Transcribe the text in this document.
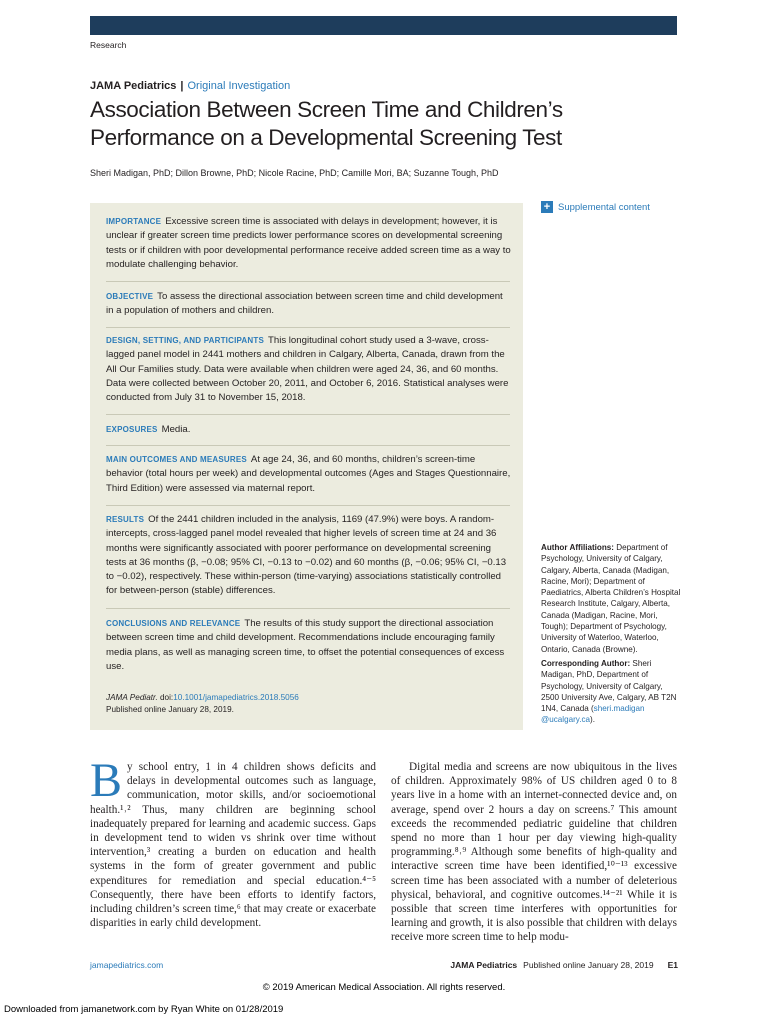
Research
JAMA Pediatrics | Original Investigation
Association Between Screen Time and Children’s Performance on a Developmental Screening Test
Sheri Madigan, PhD; Dillon Browne, PhD; Nicole Racine, PhD; Camille Mori, BA; Suzanne Tough, PhD
IMPORTANCE Excessive screen time is associated with delays in development; however, it is unclear if greater screen time predicts lower performance scores on developmental screening tests or if children with poor developmental performance receive added screen time as a way to modulate challenging behavior.
OBJECTIVE To assess the directional association between screen time and child development in a population of mothers and children.
DESIGN, SETTING, AND PARTICIPANTS This longitudinal cohort study used a 3-wave, cross-lagged panel model in 2441 mothers and children in Calgary, Alberta, Canada, drawn from the All Our Families study. Data were available when children were aged 24, 36, and 60 months. Data were collected between October 20, 2011, and October 6, 2016. Statistical analyses were conducted from July 31 to November 15, 2018.
EXPOSURES Media.
MAIN OUTCOMES AND MEASURES At age 24, 36, and 60 months, children’s screen-time behavior (total hours per week) and developmental outcomes (Ages and Stages Questionnaire, Third Edition) were assessed via maternal report.
RESULTS Of the 2441 children included in the analysis, 1169 (47.9%) were boys. A random-intercepts, cross-lagged panel model revealed that higher levels of screen time at 24 and 36 months were significantly associated with poorer performance on developmental screening tests at 36 months (β, −0.08; 95% CI, −0.13 to −0.02) and 60 months (β, −0.06; 95% CI, −0.13 to −0.02), respectively. These within-person (time-varying) associations statistically controlled for between-person (stable) differences.
CONCLUSIONS AND RELEVANCE The results of this study support the directional association between screen time and child development. Recommendations include encouraging family media plans, as well as managing screen time, to offset the potential consequences of excess use.
JAMA Pediatr. doi:10.1001/jamapediatrics.2018.5056
Published online January 28, 2019.
+ Supplemental content
Author Affiliations: Department of Psychology, University of Calgary, Calgary, Alberta, Canada (Madigan, Racine, Mori); Department of Paediatrics, Alberta Children’s Hospital Research Institute, Calgary, Alberta, Canada (Madigan, Racine, Mori, Tough); Department of Psychology, University of Waterloo, Waterloo, Ontario, Canada (Browne).
Corresponding Author: Sheri Madigan, PhD, Department of Psychology, University of Calgary, 2500 University Ave, Calgary, AB T2N 1N4, Canada (sheri.madigan @ucalgary.ca).
By school entry, 1 in 4 children shows deficits and delays in developmental outcomes such as language, communication, motor skills, and/or socioemotional health.¹˒² Thus, many children are beginning school inadequately prepared for learning and academic success. Gaps in development tend to widen vs shrink over time without intervention,³ creating a burden on education and health systems in the form of greater government and public expenditures for remediation and special education.⁴⁻⁵ Consequently, there have been efforts to identify factors, including children’s screen time,⁶ that may create or exacerbate disparities in early child development.
Digital media and screens are now ubiquitous in the lives of children. Approximately 98% of US children aged 0 to 8 years live in a home with an internet-connected device and, on average, spend over 2 hours a day on screens.⁷ This amount exceeds the recommended pediatric guideline that children spend no more than 1 hour per day viewing high-quality programming.⁸˒⁹ Although some benefits of high-quality and interactive screen time have been identified,¹⁰⁻¹³ excessive screen time has been associated with a number of deleterious physical, behavioral, and cognitive outcomes.¹⁴⁻²¹ While it is possible that screen time interferes with opportunities for learning and growth, it is also possible that children with delays receive more screen time to help modu-
jamapediatrics.com	JAMA Pediatrics Published online January 28, 2019 E1
© 2019 American Medical Association. All rights reserved.
Downloaded from jamanetwork.com by Ryan White on 01/28/2019
